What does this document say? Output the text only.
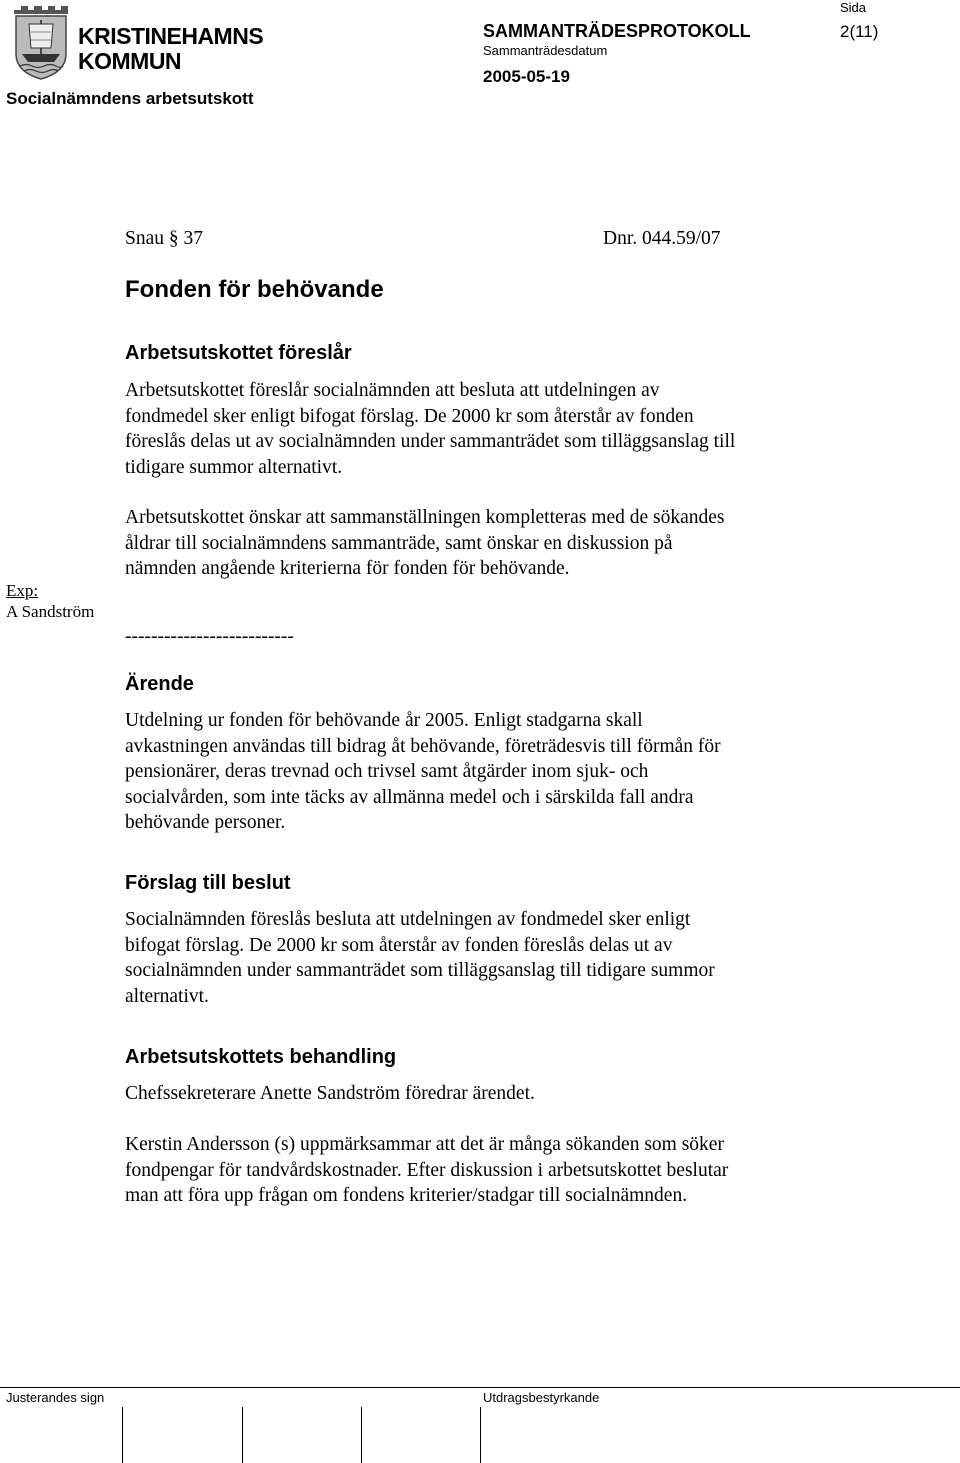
KRISTINEHAMNS
KOMMUN
Socialnämndens arbetsutskott
SAMMANTRÄDESPROTOKOLL
Sammanträdesdatum
2005-05-19
Sida
2(11)
Snau § 37	Dnr. 044.59/07
Fonden för behövande
Arbetsutskottet föreslår
Arbetsutskottet föreslår socialnämnden att besluta att utdelningen av
fondmedel sker enligt bifogat förslag. De 2000 kr som återstår av fonden
föreslås delas ut av socialnämnden under sammanträdet som tilläggsanslag till
tidigare summor alternativt.
Arbetsutskottet önskar att sammanställningen kompletteras med de sökandes
åldrar till socialnämndens sammanträde, samt önskar en diskussion på
nämnden angående kriterierna för fonden för behövande.
Exp:
A Sandström
--------------------------
Ärende
Utdelning ur fonden för behövande år 2005. Enligt stadgarna skall
avkastningen användas till bidrag åt behövande, företrädesvis till förmån för
pensionärer, deras trevnad och trivsel samt åtgärder inom sjuk- och
socialvården, som inte täcks av allmänna medel och i särskilda fall andra
behövande personer.
Förslag till beslut
Socialnämnden föreslås besluta att utdelningen av fondmedel sker enligt
bifogat förslag. De 2000 kr som återstår av fonden föreslås delas ut av
socialnämnden under sammanträdet som tilläggsanslag till tidigare summor
alternativt.
Arbetsutskottets behandling
Chefssekreterare Anette Sandström föredrar ärendet.
Kerstin Andersson (s) uppmärksammar att det är många sökanden som söker
fondpengar för tandvårdskostnader. Efter diskussion i arbetsutskottet beslutar
man att föra upp frågan om fondens kriterier/stadgar till socialnämnden.
Justerandes sign	Utdragsbestyrkande
